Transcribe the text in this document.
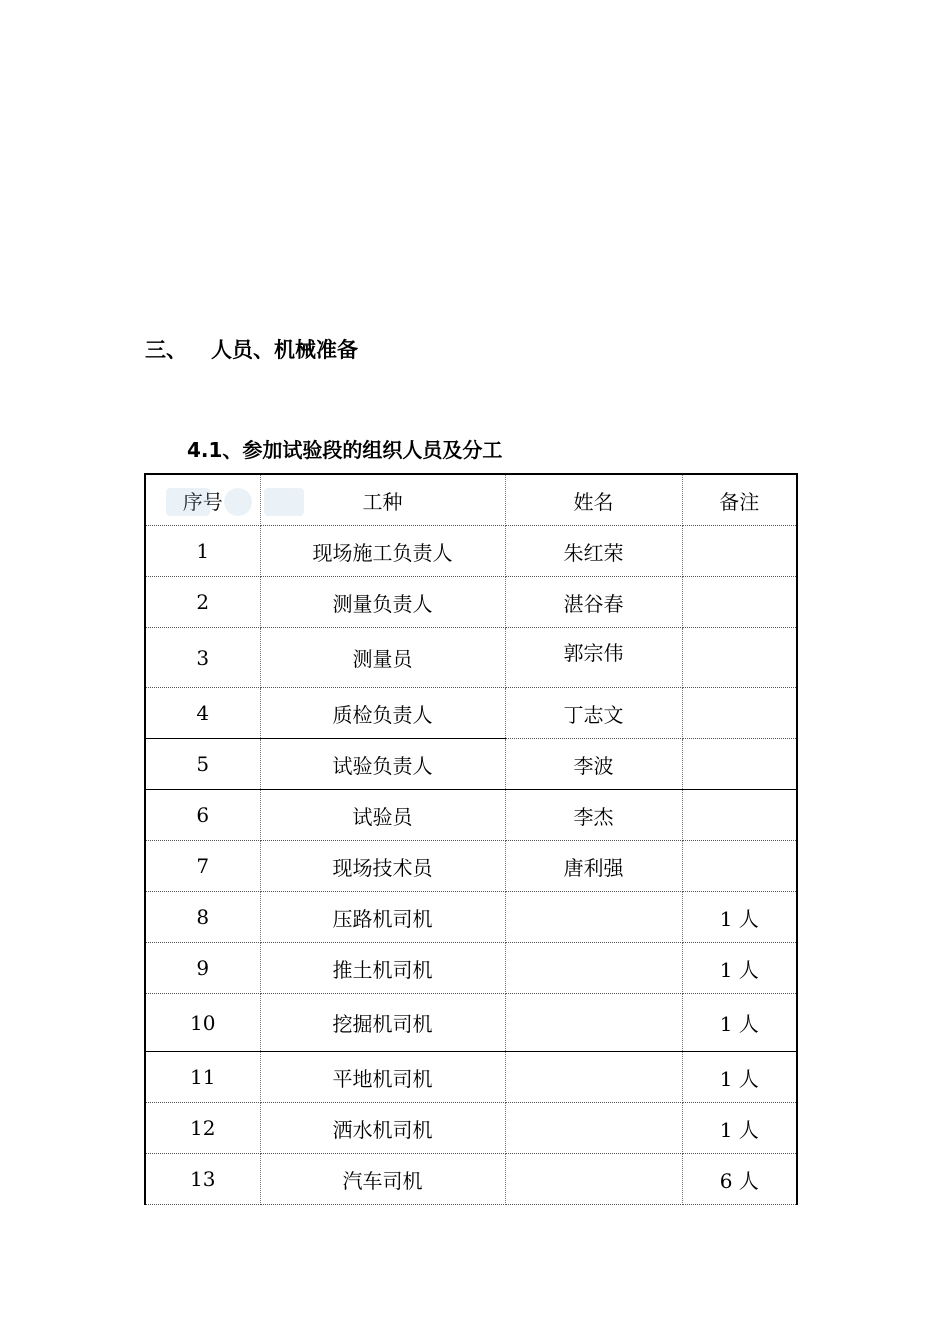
三、 人员、机械准备
4.1、参加试验段的组织人员及分工
序号	工种	姓名	备注
1	现场施工负责人	朱红荣	
2	测量负责人	湛谷春	
3	测量员	郭宗伟	
4	质检负责人	丁志文	
5	试验负责人	李波	
6	试验员	李杰	
7	现场技术员	唐利强	
8	压路机司机		1 人
9	推土机司机		1 人
10	挖掘机司机		1 人
11	平地机司机		1 人
12	洒水机司机		1 人
13	汽车司机		6 人
